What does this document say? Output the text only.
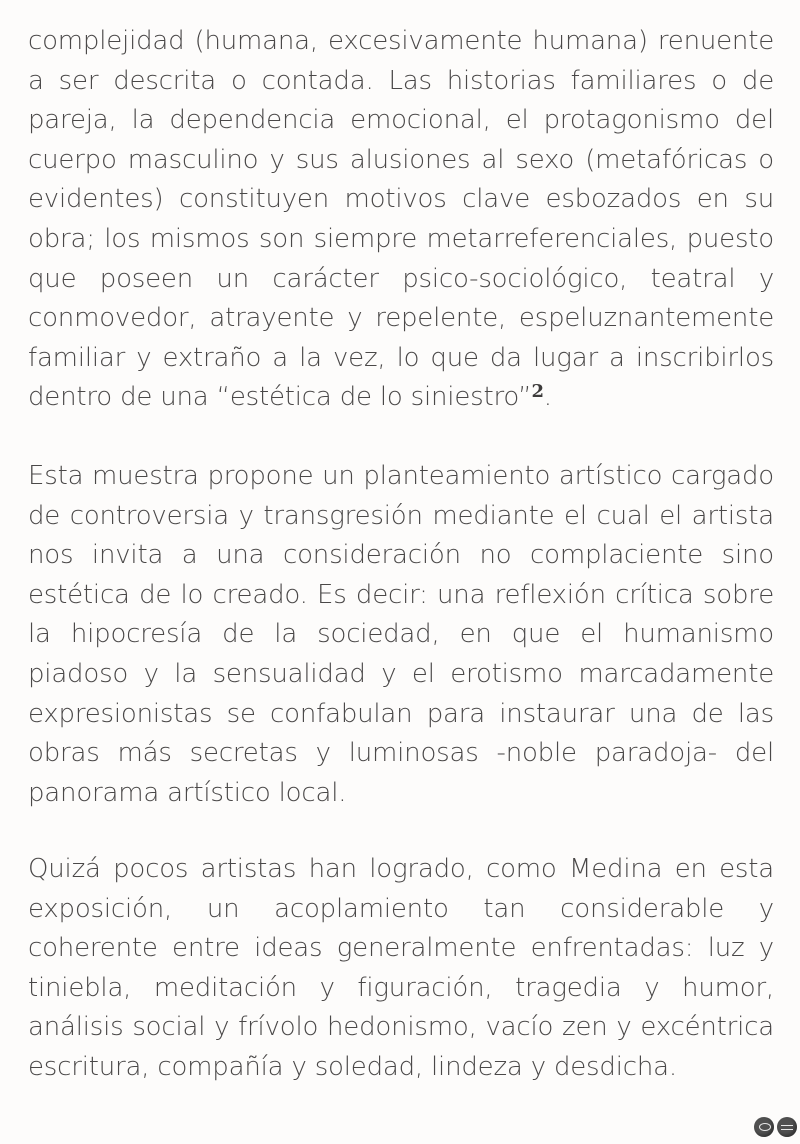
complejidad (humana, excesivamente humana) renuente
a ser descrita o contada. Las historias familiares o de
pareja, la dependencia emocional, el protagonismo del
cuerpo masculino y sus alusiones al sexo (metafóricas o
evidentes) constituyen motivos clave esbozados en su
obra; los mismos son siempre metarreferenciales, puesto
que poseen un carácter psico-sociológico, teatral y
conmovedor, atrayente y repelente, espeluznantemente
familiar y extraño a la vez, lo que da lugar a inscribirlos
dentro de una “estética de lo siniestro”$^2$.

Esta muestra propone un planteamiento artístico cargado
de controversia y transgresión mediante el cual el artista
nos invita a una consideración no complaciente sino
estética de lo creado. Es decir: una reflexión crítica sobre
la hipocresía de la sociedad, en que el humanismo
piadoso y la sensualidad y el erotismo marcadamente
expresionistas se confabulan para instaurar una de las
obras más secretas y luminosas -noble paradoja- del
panorama artístico local.

Quizá pocos artistas han logrado, como Medina en esta
exposición, un acoplamiento tan considerable y
coherente entre ideas generalmente enfrentadas: luz y
tiniebla, meditación y figuración, tragedia y humor,
análisis social y frívolo hedonismo, vacío zen y excéntrica
escritura, compañía y soledad, lindeza y desdicha.
